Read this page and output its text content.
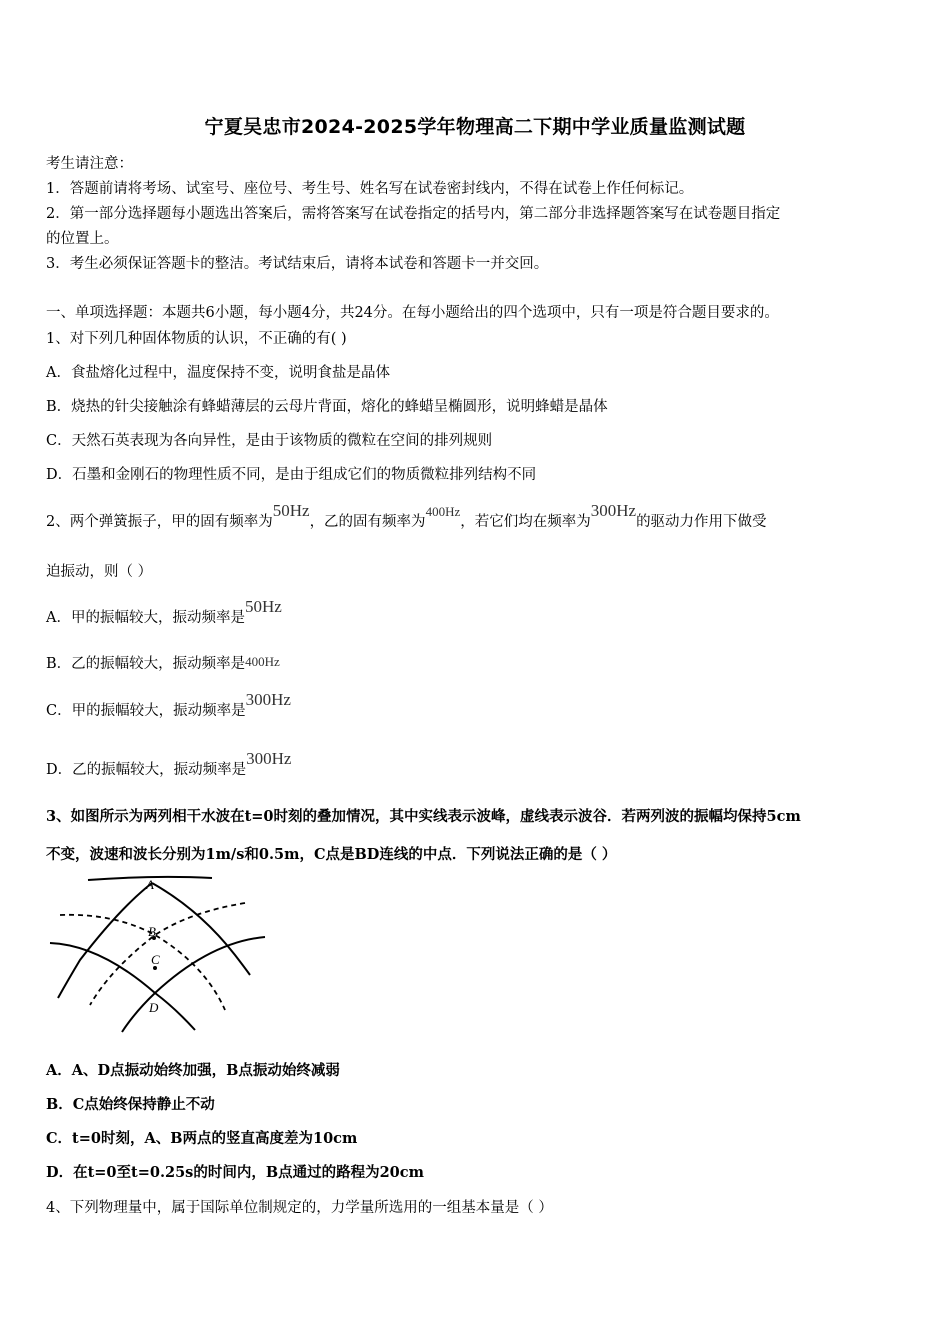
宁夏吴忠市2024-2025学年物理高二下期中学业质量监测试题
考生请注意：
1．答题前请将考场、试室号、座位号、考生号、姓名写在试卷密封线内，不得在试卷上作任何标记。
2．第一部分选择题每小题选出答案后，需将答案写在试卷指定的括号内，第二部分非选择题答案写在试卷题目指定
的位置上。
3．考生必须保证答题卡的整洁。考试结束后，请将本试卷和答题卡一并交回。
一、单项选择题：本题共6小题，每小题4分，共24分。在每小题给出的四个选项中，只有一项是符合题目要求的。
1、对下列几种固体物质的认识，不正确的有( )
A．食盐熔化过程中，温度保持不变，说明食盐是晶体
B．烧热的针尖接触涂有蜂蜡薄层的云母片背面，熔化的蜂蜡呈椭圆形，说明蜂蜡是晶体
C．天然石英表现为各向异性，是由于该物质的微粒在空间的排列规则
D．石墨和金刚石的物理性质不同，是由于组成它们的物质微粒排列结构不同
2、两个弹簧振子，甲的固有频率为50Hz，乙的固有频率为400Hz，若它们均在频率为300Hz的驱动力作用下做受
迫振动，则（ ）
A．甲的振幅较大，振动频率是50Hz
B．乙的振幅较大，振动频率是400Hz
C．甲的振幅较大，振动频率是300Hz
D．乙的振幅较大，振动频率是300Hz
3、如图所示为两列相干水波在t=0时刻的叠加情况，其中实线表示波峰，虚线表示波谷．若两列波的振幅均保持5cm
不变，波速和波长分别为1m/s和0.5m，C点是BD连线的中点．下列说法正确的是（ ）
A
B
C
D
A．A、D点振动始终加强，B点振动始终减弱
B．C点始终保持静止不动
C．t=0时刻，A、B两点的竖直高度差为10cm
D．在t=0至t=0.25s的时间内，B点通过的路程为20cm
4、下列物理量中，属于国际单位制规定的，力学量所选用的一组基本量是（ ）
